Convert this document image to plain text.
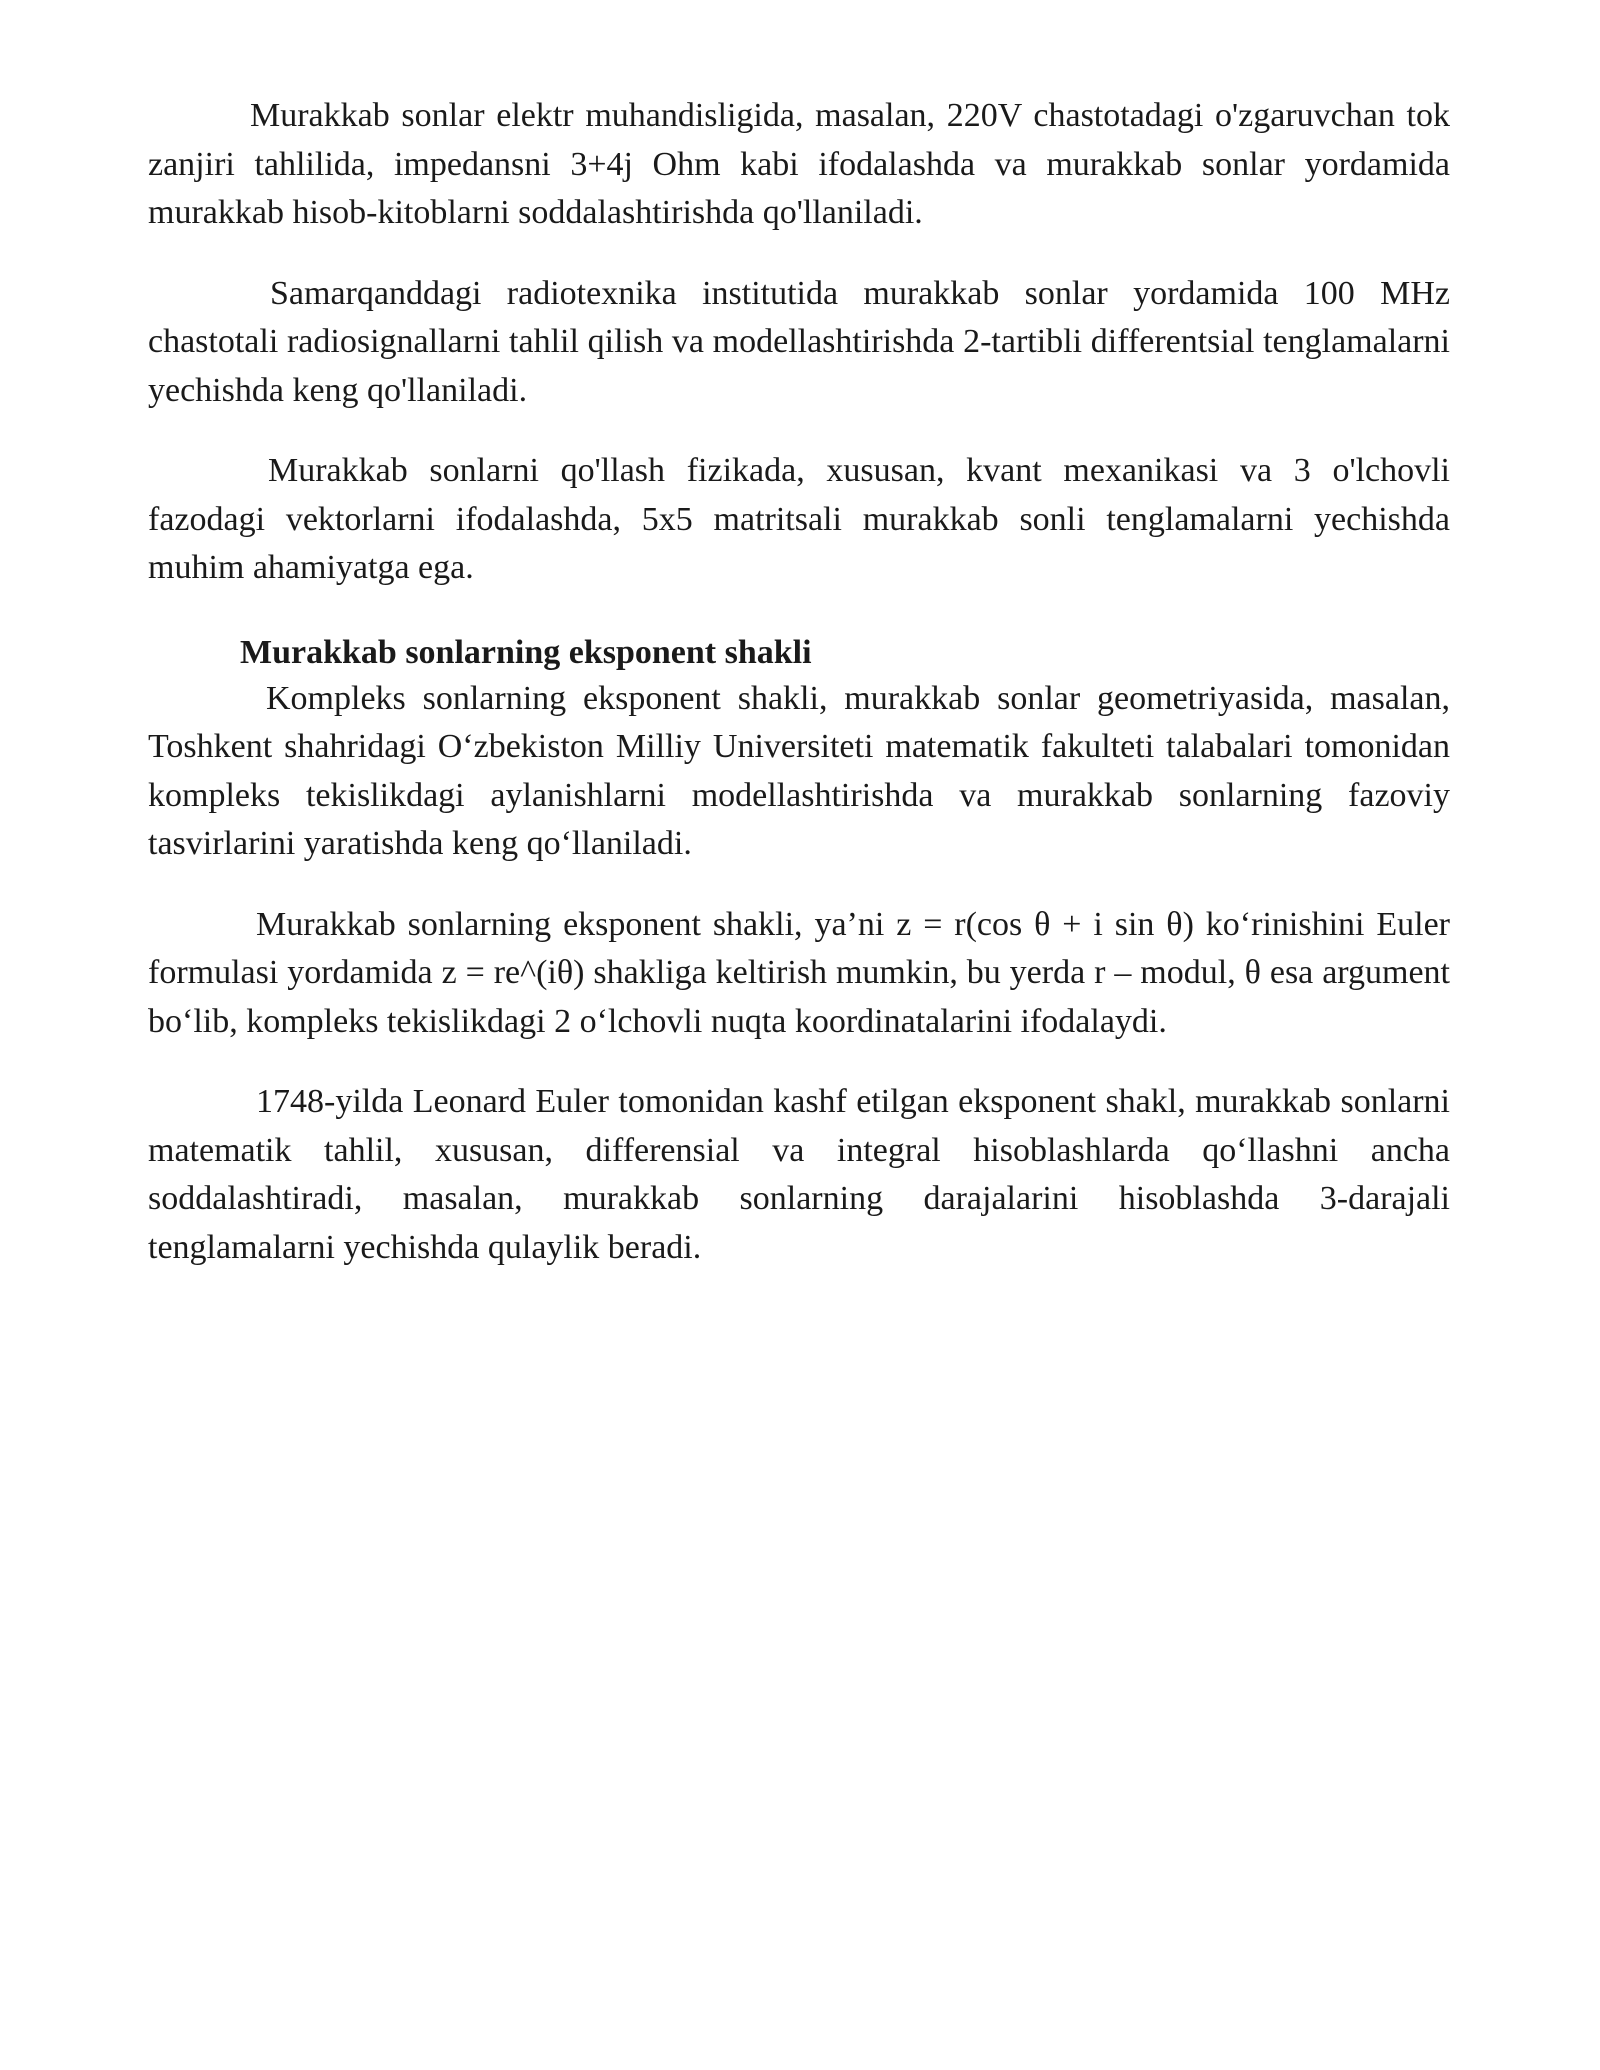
Murakkab sonlar elektr muhandisligida, masalan, 220V chastotadagi o'zgaruvchan tok zanjiri tahlilida, impedansni 3+4j Ohm kabi ifodalashda va murakkab sonlar yordamida murakkab hisob-kitoblarni soddalashtirishda qo'llaniladi.

Samarqanddagi radiotexnika institutida murakkab sonlar yordamida 100 MHz chastotali radiosignallarni tahlil qilish va modellashtirishda 2-tartibli differentsial tenglamalarni yechishda keng qo'llaniladi.

Murakkab sonlarni qo'llash fizikada, xususan, kvant mexanikasi va 3 o'lchovli fazodagi vektorlarni ifodalashda, 5x5 matritsali murakkab sonli tenglamalarni yechishda muhim ahamiyatga ega.

Murakkab sonlarning eksponent shakli

Kompleks sonlarning eksponent shakli, murakkab sonlar geometriyasida, masalan, Toshkent shahridagi O‘zbekiston Milliy Universiteti matematik fakulteti talabalari tomonidan kompleks tekislikdagi aylanishlarni modellashtirishda va murakkab sonlarning fazoviy tasvirlarini yaratishda keng qo‘llaniladi.

Murakkab sonlarning eksponent shakli, ya’ni z = r(cos θ + i sin θ) ko‘rinishini Euler formulasi yordamida z = re^(iθ) shakliga keltirish mumkin, bu yerda r – modul, θ esa argument bo‘lib, kompleks tekislikdagi 2 o‘lchovli nuqta koordinatalarini ifodalaydi.

1748-yilda Leonard Euler tomonidan kashf etilgan eksponent shakl, murakkab sonlarni matematik tahlil, xususan, differensial va integral hisoblashlarda qo‘llashni ancha soddalashtiradi, masalan, murakkab sonlarning darajalarini hisoblashda 3-darajali tenglamalarni yechishda qulaylik beradi.
